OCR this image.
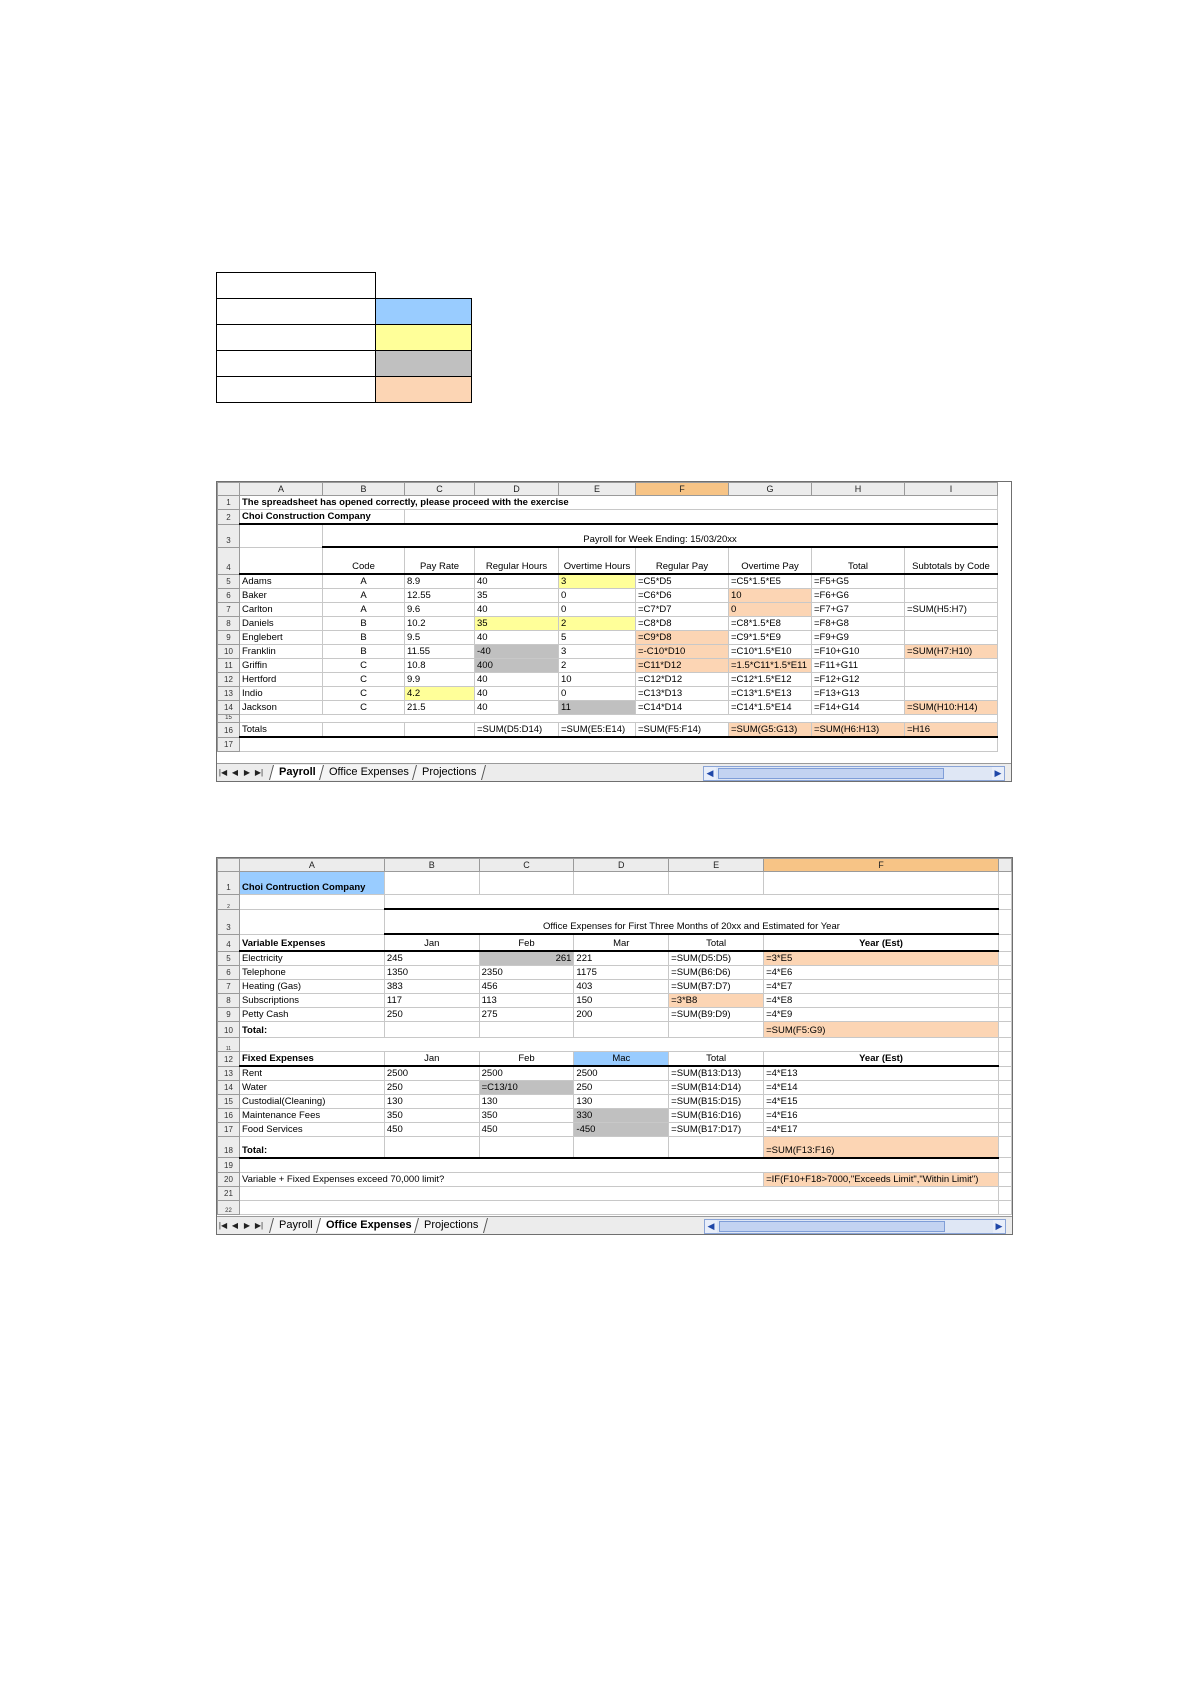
	A	B	C	D	E	F	G	H	I
1	The spreadsheet has opened correctly, please proceed with the exercise								
2	Choi Construction Company								
3		Payroll for Week Ending: 15/03/20xx							
4		Code	Pay Rate	Regular Hours	Overtime Hours	Regular Pay	Overtime Pay	Total	Subtotals by Code
5	Adams	A	8.9	40	3	=C5*D5	=C5*1.5*E5	=F5+G5	
6	Baker	A	12.55	35	0	=C6*D6	10	=F6+G6	
7	Carlton	A	9.6	40	0	=C7*D7	0	=F7+G7	=SUM(H5:H7)
8	Daniels	B	10.2	35	2	=C8*D8	=C8*1.5*E8	=F8+G8	
9	Englebert	B	9.5	40	5	=C9*D8	=C9*1.5*E9	=F9+G9	
10	Franklin	B	11.55	-40	3	=-C10*D10	=C10*1.5*E10	=F10+G10	=SUM(H7:H10)
11	Griffin	C	10.8	400	2	=C11*D12	=1.5*C11*1.5*E11	=F11+G11	
12	Hertford	C	9.9	40	10	=C12*D12	=C12*1.5*E12	=F12+G12	
13	Indio	C	4.2	40	0	=C13*D13	=C13*1.5*E13	=F13+G13	
14	Jackson	C	21.5	40	11	=C14*D14	=C14*1.5*E14	=F14+G14	=SUM(H10:H14)
15									
16	Totals			=SUM(D5:D14)	=SUM(E5:E14)	=SUM(F5:F14)	=SUM(G5:G13)	=SUM(H6:H13)	=H16
17									
|◀ ◀ ▶ ▶|	Payroll	Office Expenses	Projections	◀	▶
	A	B	C	D	E	F	
1	Choi Contruction Company						
2							
3		Office Expenses for First Three Months of 20xx and Estimated for Year					
4	Variable Expenses	Jan	Feb	Mar	Total	Year (Est)	
5	Electricity	245	261	221	=SUM(D5:D5)	=3*E5	
6	Telephone	1350	2350	1175	=SUM(B6:D6)	=4*E6	
7	Heating (Gas)	383	456	403	=SUM(B7:D7)	=4*E7	
8	Subscriptions	117	113	150	=3*B8	=4*E8	
9	Petty Cash	250	275	200	=SUM(B9:D9)	=4*E9	
10	Total:					=SUM(F5:G9)	
11							
12	Fixed Expenses	Jan	Feb	Mac	Total	Year (Est)	
13	Rent	2500	2500	2500	=SUM(B13:D13)	=4*E13	
14	Water	250	=C13/10	250	=SUM(B14:D14)	=4*E14	
15	Custodial(Cleaning)	130	130	130	=SUM(B15:D15)	=4*E15	
16	Maintenance Fees	350	350	330	=SUM(B16:D16)	=4*E16	
17	Food Services	450	450	-450	=SUM(B17:D17)	=4*E17	
18	Total:					=SUM(F13:F16)	
19							
20	Variable + Fixed Expenses exceed 70,000 limit?					=IF(F10+F18>7000,"Exceeds Limit","Within Limit")	
21							
22							
|◀ ◀ ▶ ▶|	Payroll	Office Expenses	Projections	◀	▶
